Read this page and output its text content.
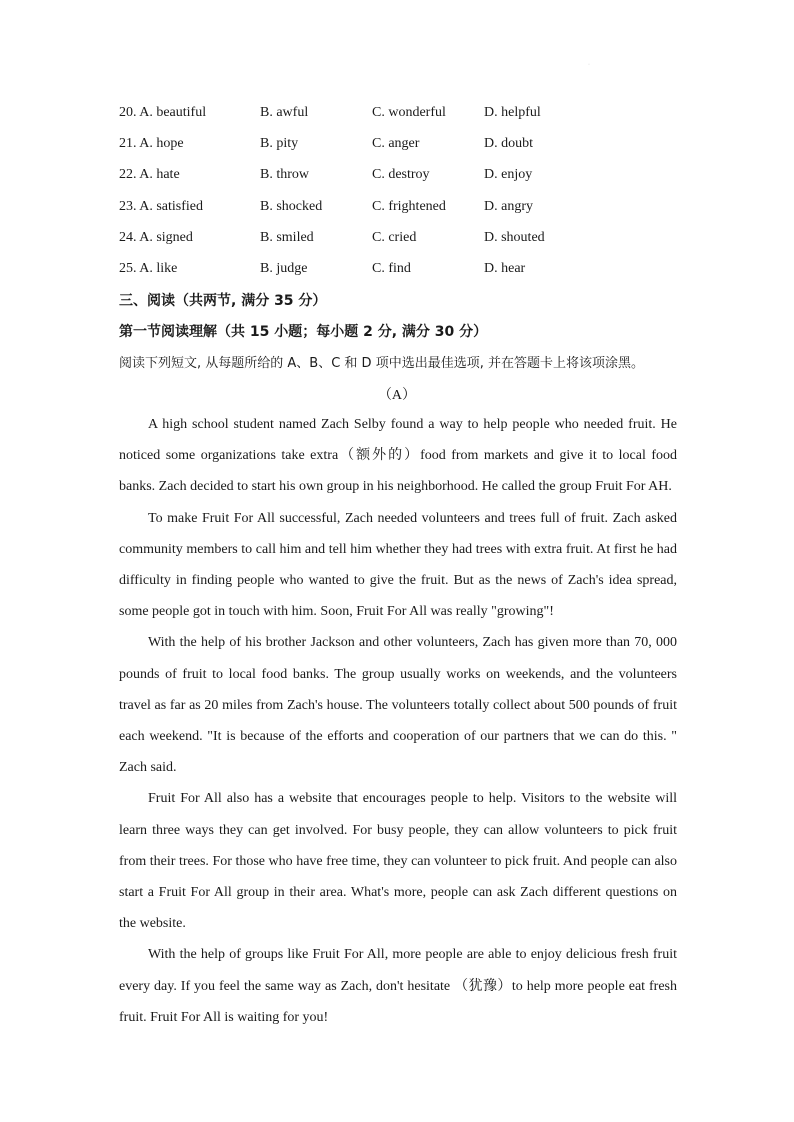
·
20. A. beautiful	B. awful	C. wonderful	D. helpful
21. A. hope	B. pity	C. anger	D. doubt
22. A. hate	B. throw	C. destroy	D. enjoy
23. A. satisfied	B. shocked	C. frightened	D. angry
24. A. signed	B. smiled	C. cried	D. shouted
25. A. like	B. judge	C. find	D. hear
三、阅读（共两节, 满分 35 分）
第一节阅读理解（共 15 小题；每小题 2 分, 满分 30 分）
阅读下列短文, 从每题所给的 A、B、C 和 D 项中选出最佳选项, 并在答题卡上将该项涂黑。
（A）

A high school student named Zach Selby found a way to help people who needed fruit. He noticed some organizations take extra（额外的）food from markets and give it to local food banks. Zach decided to start his own group in his neighborhood. He called the group Fruit For AH.

To make Fruit For All successful, Zach needed volunteers and trees full of fruit. Zach asked community members to call him and tell him whether they had trees with extra fruit. At first he had difficulty in finding people who wanted to give the fruit. But as the news of Zach's idea spread, some people got in touch with him. Soon, Fruit For All was really "growing"!

With the help of his brother Jackson and other volunteers, Zach has given more than 70, 000 pounds of fruit to local food banks. The group usually works on weekends, and the volunteers travel as far as 20 miles from Zach's house. The volunteers totally collect about 500 pounds of fruit each weekend. "It is because of the efforts and cooperation of our partners that we can do this. " Zach said.

Fruit For All also has a website that encourages people to help. Visitors to the website will learn three ways they can get involved. For busy people, they can allow volunteers to pick fruit from their trees. For those who have free time, they can volunteer to pick fruit. And people can also start a Fruit For All group in their area. What's more, people can ask Zach different questions on the website.

With the help of groups like Fruit For All, more people are able to enjoy delicious fresh fruit every day. If you feel the same way as Zach, don't hesitate （犹豫）to help more people eat fresh fruit. Fruit For All is waiting for you!
